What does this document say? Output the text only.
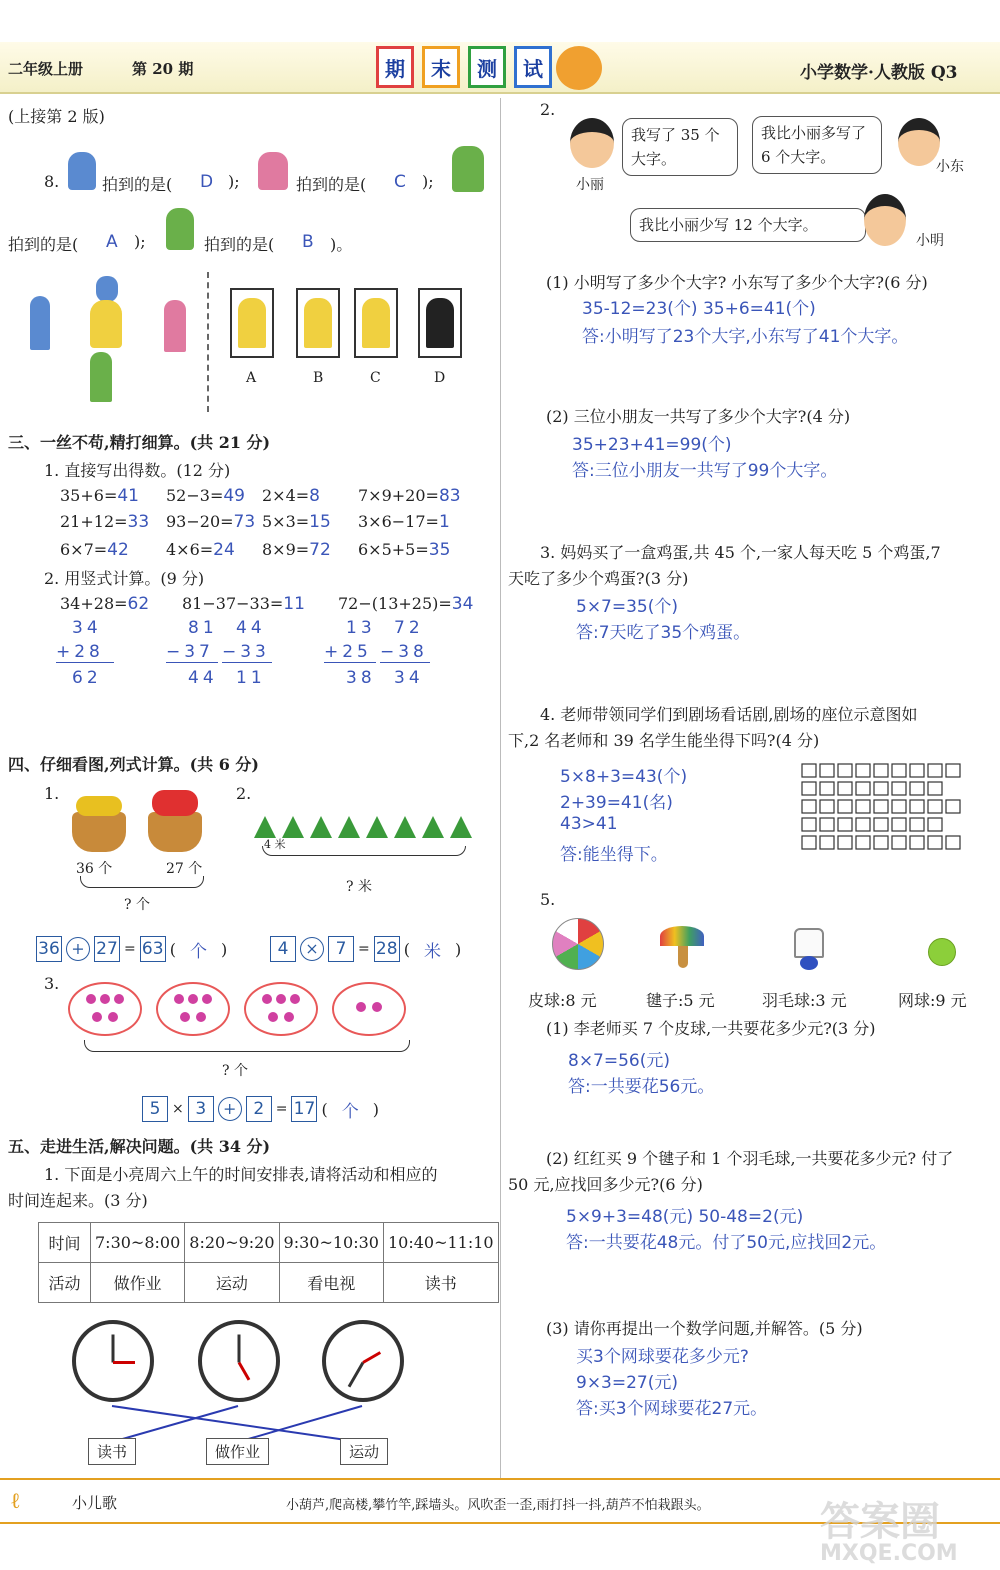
二年级上册	第 20 期	期 末 测 试	小学数学·人教版 Q3
(上接第 2 版)
8.	拍到的是( D );	拍到的是( C );
拍到的是( A );	拍到的是( B )。
A	B	C	D
三、一丝不苟,精打细算。(共 21 分)
1. 直接写出得数。(12 分)
35+6=41 52−3=49 2×4=8 7×9+20=83
21+12=33 93−20=73 5×3=15 3×6−17=1
6×7=42 4×6=24 8×9=72 6×5+5=35
2. 用竖式计算。(9 分)
34+28=62
34
+28
62
81−37−33=11
81
−37
44
44
−33
11
72−(13+25)=34
13
+25
38
72
−38
34
四、仔细看图,列式计算。(共 6 分)
1.
36 个	27 个
? 个
2.
4 米
? 米
36 + 27 = 63 ( 个 )	4	× 7 = 28 ( 米 )
3.
? 个
5 × 3	+ 2 = 17 ( 个 )
五、走进生活,解决问题。(共 34 分)
1. 下面是小亮周六上午的时间安排表,请将活动和相应的
时间连起来。(3 分)
时间	7:30~8:00	8:20~9:20	9:30~10:30	10:40~11:10
活动	做作业	运动	看电视	读书
读书	做作业	运动
2.
小丽
我写了 35 个大字。
我比小丽多写了 6 个大字。
小东
我比小丽少写 12 个大字。
小明
(1) 小明写了多少个大字? 小东写了多少个大字?(6 分)
35-12=23(个) 35+6=41(个)
答:小明写了23个大字,小东写了41个大字。
(2) 三位小朋友一共写了多少个大字?(4 分)
35+23+41=99(个)
答:三位小朋友一共写了99个大字。
3. 妈妈买了一盒鸡蛋,共 45 个,一家人每天吃 5 个鸡蛋,7
天吃了多少个鸡蛋?(3 分)
5×7=35(个)
答:7天吃了35个鸡蛋。
4. 老师带领同学们到剧场看话剧,剧场的座位示意图如
下,2 名老师和 39 名学生能坐得下吗?(4 分)
5×8+3=43(个)
2+39=41(名)
43>41
答:能坐得下。
5.
皮球:8 元	毽子:5 元	羽毛球:3 元	网球:9 元
(1) 李老师买 7 个皮球,一共要花多少元?(3 分)
8×7=56(元)
答:一共要花56元。
(2) 红红买 9 个毽子和 1 个羽毛球,一共要花多少元? 付了
50 元,应找回多少元?(6 分)
5×9+3=48(元) 50-48=2(元)
答:一共要花48元。付了50元,应找回2元。
(3) 请你再提出一个数学问题,并解答。(5 分)
买3个网球要花多少元?
9×3=27(元)
答:买3个网球要花27元。
ℓ	小儿歌	小葫芦,爬高楼,攀竹竿,踩墙头。风吹歪一歪,雨打抖一抖,葫芦不怕栽跟头。	答案圈
MXQE.COM
